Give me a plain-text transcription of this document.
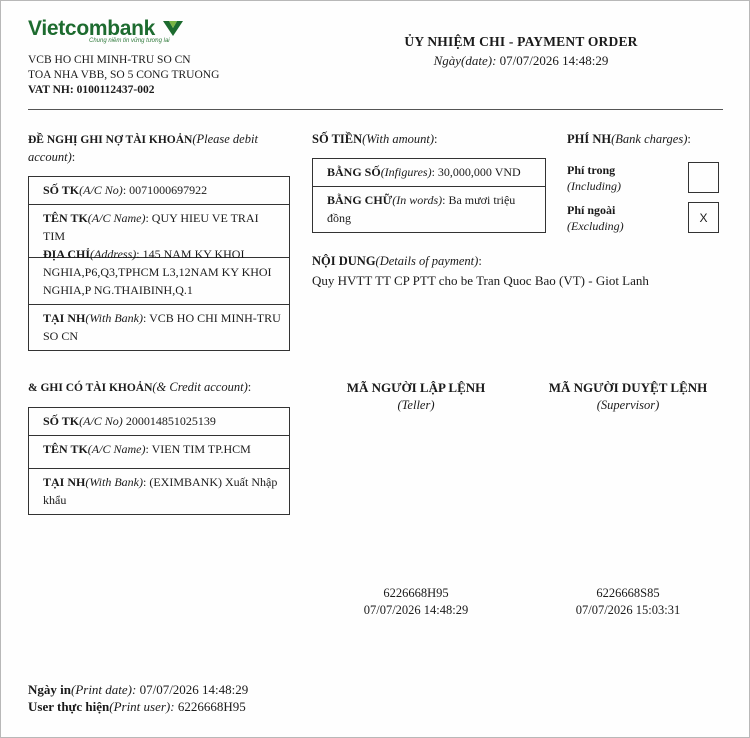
Vietcombank
Chung niềm tin vững tương lai
VCB HO CHI MINH-TRU SO CN
TOA NHA VBB, SO 5 CONG TRUONG
VAT NH: 0100112437-002
ỦY NHIỆM CHI - PAYMENT ORDER
Ngày(date): 07/07/2026 14:48:29
ĐỀ NGHỊ GHI NỢ TÀI KHOẢN(Please debit account):
SỐ TK(A/C No): 0071000697922
TÊN TK(A/C Name): QUY HIEU VE TRAI TIM
ĐỊA CHỈ(Address): 145 NAM KY KHOI NGHIA,P6,Q3,TPHCM L3,12NAM KY KHOI NGHIA,P NG.THAIBINH,Q.1
TẠI NH(With Bank): VCB HO CHI MINH-TRU SO CN
SỐ TIỀN(With amount):
BẰNG SỐ(Infigures): 30,000,000 VND
BẰNG CHỮ(In words): Ba mươi triệu đồng
PHÍ NH(Bank charges):
Phí trong
(Including)
Phí ngoài
(Excluding)
X
NỘI DUNG(Details of payment):
Quy HVTT TT CP PTT cho be Tran Quoc Bao (VT) - Giot Lanh
& GHI CÓ TÀI KHOẢN(& Credit account):
SỐ TK(A/C No) 200014851025139
TÊN TK(A/C Name): VIEN TIM TP.HCM
TẠI NH(With Bank): (EXIMBANK) Xuất Nhập khẩu
MÃ NGƯỜI LẬP LỆNH
(Teller)
6226668H95
07/07/2026 14:48:29
MÃ NGƯỜI DUYỆT LỆNH
(Supervisor)
6226668S85
07/07/2026 15:03:31
Ngày in(Print date): 07/07/2026 14:48:29
User thực hiện(Print user): 6226668H95
